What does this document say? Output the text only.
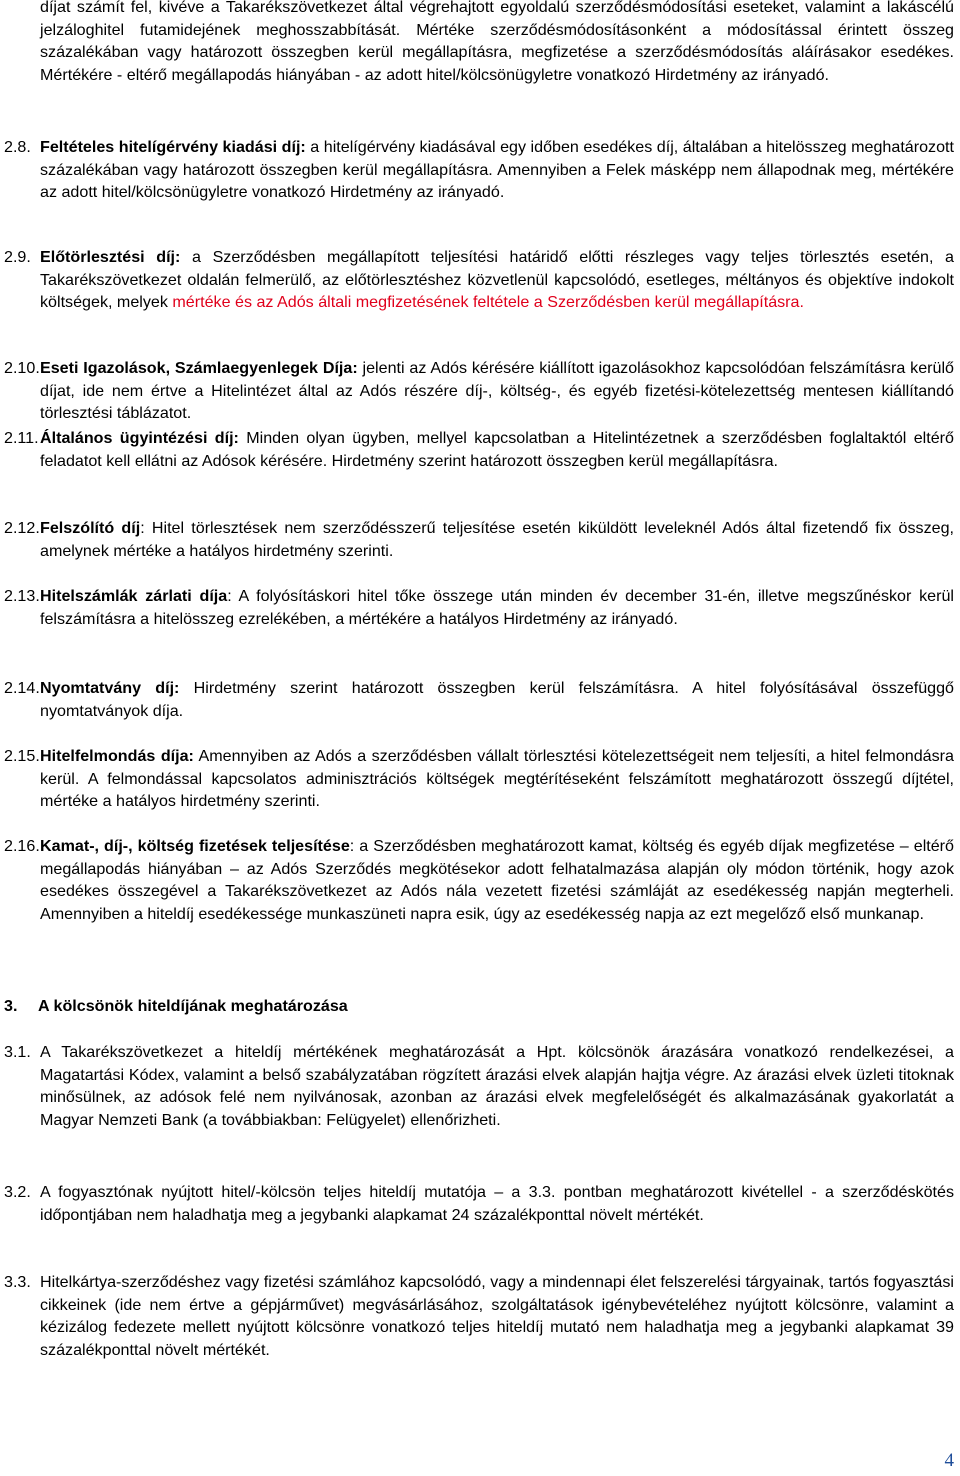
díjat számít fel, kivéve a Takarékszövetkezet által végrehajtott egyoldalú szerződésmódosítási eseteket, valamint a lakáscélú jelzáloghitel futamidejének meghosszabbítását. Mértéke szerződésmódosításonként a módosítással érintett összeg százalékában vagy határozott összegben kerül megállapításra, megfizetése a szerződésmódosítás aláírásakor esedékes. Mértékére - eltérő megállapodás hiányában - az adott hitel/kölcsönügyletre vonatkozó Hirdetmény az irányadó.

2.8. Feltételes hitelígérvény kiadási díj: a hitelígérvény kiadásával egy időben esedékes díj, általában a hitelösszeg meghatározott százalékában vagy határozott összegben kerül megállapításra. Amennyiben a Felek másképp nem állapodnak meg, mértékére az adott hitel/kölcsönügyletre vonatkozó Hirdetmény az irányadó.
2.9. Előtörlesztési díj: a Szerződésben megállapított teljesítési határidő előtti részleges vagy teljes törlesztés esetén, a Takarékszövetkezet oldalán felmerülő, az előtörlesztéshez közvetlenül kapcsolódó, esetleges, méltányos és objektíve indokolt költségek, melyek mértéke és az Adós általi megfizetésének feltétele a Szerződésben kerül megállapításra.
2.10. Eseti Igazolások, Számlaegyenlegek Díja: jelenti az Adós kérésére kiállított igazolásokhoz kapcsolódóan felszámításra kerülő díjat, ide nem értve a Hitelintézet által az Adós részére díj-, költség-, és egyéb fizetési-kötelezettség mentesen kiállítandó törlesztési táblázatot.
2.11. Általános ügyintézési díj: Minden olyan ügyben, mellyel kapcsolatban a Hitelintézetnek a szerződésben foglaltaktól eltérő feladatot kell ellátni az Adósok kérésére. Hirdetmény szerint határozott összegben kerül megállapításra.
2.12. Felszólító díj: Hitel törlesztések nem szerződésszerű teljesítése esetén kiküldött leveleknél Adós által fizetendő fix összeg, amelynek mértéke a hatályos hirdetmény szerinti.
2.13. Hitelszámlák zárlati díja: A folyósításkori hitel tőke összege után minden év december 31-én, illetve megszűnéskor kerül felszámításra a hitelösszeg ezrelékében, a mértékére a hatályos Hirdetmény az irányadó.
2.14. Nyomtatvány díj: Hirdetmény szerint határozott összegben kerül felszámításra. A hitel folyósításával összefüggő nyomtatványok díja.
2.15. Hitelfelmondás díja: Amennyiben az Adós a szerződésben vállalt törlesztési kötelezettségeit nem teljesíti, a hitel felmondásra kerül. A felmondással kapcsolatos adminisztrációs költségek megtérítéseként felszámított meghatározott összegű díjtétel, mértéke a hatályos hirdetmény szerinti.
2.16. Kamat-, díj-, költség fizetések teljesítése: a Szerződésben meghatározott kamat, költség és egyéb díjak megfizetése – eltérő megállapodás hiányában – az Adós Szerződés megkötésekor adott felhatalmazása alapján oly módon történik, hogy azok esedékes összegével a Takarékszövetkezet az Adós nála vezetett fizetési számláját az esedékesség napján megterheli. Amennyiben a hiteldíj esedékessége munkaszüneti napra esik, úgy az esedékesség napja az ezt megelőző első munkanap.
3. A kölcsönök hiteldíjának meghatározása
3.1. A Takarékszövetkezet a hiteldíj mértékének meghatározását a Hpt. kölcsönök árazására vonatkozó rendelkezései, a Magatartási Kódex, valamint a belső szabályzatában rögzített árazási elvek alapján hajtja végre. Az árazási elvek üzleti titoknak minősülnek, az adósok felé nem nyilvánosak, azonban az árazási elvek megfelelőségét és alkalmazásának gyakorlatát a Magyar Nemzeti Bank (a továbbiakban: Felügyelet) ellenőrizheti.
3.2. A fogyasztónak nyújtott hitel/-kölcsön teljes hiteldíj mutatója – a 3.3. pontban meghatározott kivétellel - a szerződéskötés időpontjában nem haladhatja meg a jegybanki alapkamat 24 százalékponttal növelt mértékét.
3.3. Hitelkártya-szerződéshez vagy fizetési számlához kapcsolódó, vagy a mindennapi élet felszerelési tárgyainak, tartós fogyasztási cikkeinek (ide nem értve a gépjárművet) megvásárlásához, szolgáltatások igénybevételéhez nyújtott kölcsönre, valamint a kézizálog fedezete mellett nyújtott kölcsönre vonatkozó teljes hiteldíj mutató nem haladhatja meg a jegybanki alapkamat 39 százalékponttal növelt mértékét.
4
